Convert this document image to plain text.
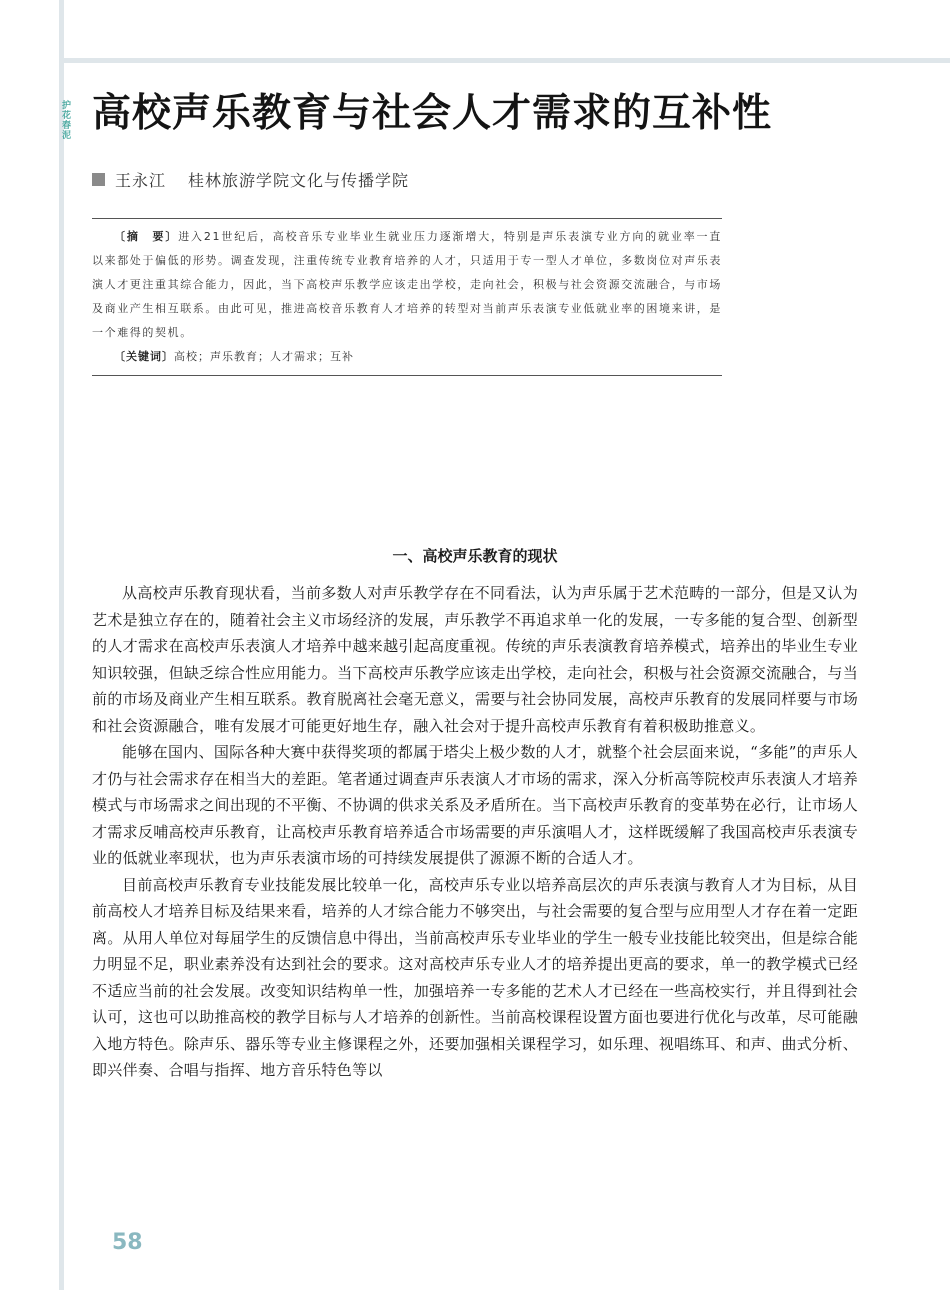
护花春泥 高校声乐教育与社会人才需求的互补性
王永江 桂林旅游学院文化与传播学院

〔摘　要〕进入21世纪后，高校音乐专业毕业生就业压力逐渐增大，特别是声乐表演专业方向的就业率一直以来都处于偏低的形势。调查发现，注重传统专业教育培养的人才，只适用于专一型人才单位，多数岗位对声乐表演人才更注重其综合能力，因此，当下高校声乐教学应该走出学校，走向社会，积极与社会资源交流融合，与市场及商业产生相互联系。由此可见，推进高校音乐教育人才培养的转型对当前声乐表演专业低就业率的困境来讲，是一个难得的契机。

〔关键词〕高校；声乐教育；人才需求；互补

一、高校声乐教育的现状

从高校声乐教育现状看，当前多数人对声乐教学存在不同看法，认为声乐属于艺术范畴的一部分，但是又认为艺术是独立存在的，随着社会主义市场经济的发展，声乐教学不再追求单一化的发展，一专多能的复合型、创新型的人才需求在高校声乐表演人才培养中越来越引起高度重视。传统的声乐表演教育培养模式，培养出的毕业生专业知识较强，但缺乏综合性应用能力。当下高校声乐教学应该走出学校，走向社会，积极与社会资源交流融合，与当前的市场及商业产生相互联系。教育脱离社会毫无意义，需要与社会协同发展，高校声乐教育的发展同样要与市场和社会资源融合，唯有发展才可能更好地生存，融入社会对于提升高校声乐教育有着积极助推意义。

能够在国内、国际各种大赛中获得奖项的都属于塔尖上极少数的人才，就整个社会层面来说，“多能”的声乐人才仍与社会需求存在相当大的差距。笔者通过调查声乐表演人才市场的需求，深入分析高等院校声乐表演人才培养模式与市场需求之间出现的不平衡、不协调的供求关系及矛盾所在。当下高校声乐教育的变革势在必行，让市场人才需求反哺高校声乐教育，让高校声乐教育培养适合市场需要的声乐演唱人才，这样既缓解了我国高校声乐表演专业的低就业率现状，也为声乐表演市场的可持续发展提供了源源不断的合适人才。

目前高校声乐教育专业技能发展比较单一化，高校声乐专业以培养高层次的声乐表演与教育人才为目标，从目前高校人才培养目标及结果来看，培养的人才综合能力不够突出，与社会需要的复合型与应用型人才存在着一定距离。从用人单位对每届学生的反馈信息中得出，当前高校声乐专业毕业的学生一般专业技能比较突出，但是综合能力明显不足，职业素养没有达到社会的要求。这对高校声乐专业人才的培养提出更高的要求，单一的教学模式已经不适应当前的社会发展。改变知识结构单一性，加强培养一专多能的艺术人才已经在一些高校实行，并且得到社会认可，这也可以助推高校的教学目标与人才培养的创新性。当前高校课程设置方面也要进行优化与改革，尽可能融入地方特色。除声乐、器乐等专业主修课程之外，还要加强相关课程学习，如乐理、视唱练耳、和声、曲式分析、即兴伴奏、合唱与指挥、地方音乐特色等以

58
